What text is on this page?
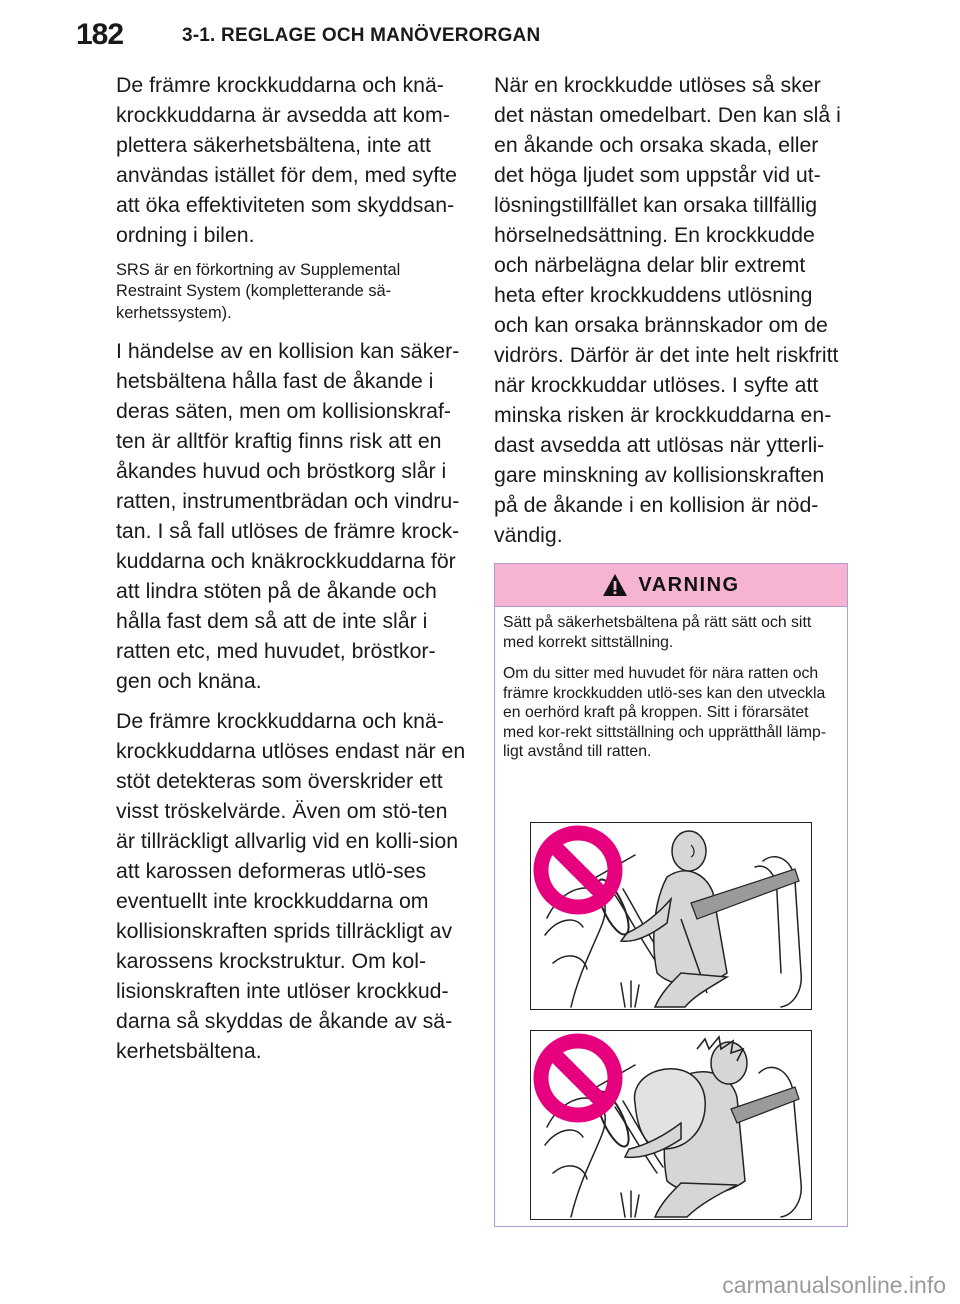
182	3-1. REGLAGE OCH MANÖVERORGAN

De främre krockkuddarna och knä-krockkuddarna är avsedda att kom-plettera säkerhetsbältena, inte att användas istället för dem, med syfte att öka effektiviteten som skyddsan-ordning i bilen.

SRS är en förkortning av Supplemental Restraint System (kompletterande sä-kerhetssystem).

I händelse av en kollision kan säker-hetsbältena hålla fast de åkande i deras säten, men om kollisionskraf-ten är alltför kraftig finns risk att en åkandes huvud och bröstkorg slår i ratten, instrumentbrädan och vindru-tan. I så fall utlöses de främre krock-kuddarna och knäkrockkuddarna för att lindra stöten på de åkande och hålla fast dem så att de inte slår i ratten etc, med huvudet, bröstkor-gen och knäna.

De främre krockkuddarna och knä-krockkuddarna utlöses endast när en stöt detekteras som överskrider ett visst tröskelvärde. Även om stö-ten är tillräckligt allvarlig vid en kolli-sion att karossen deformeras utlö-ses eventuellt inte krockkuddarna om kollisionskraften sprids tillräckligt av karossens krockstruktur. Om kol-lisionskraften inte utlöser krockkud-darna så skyddas de åkande av sä-kerhetsbältena.

När en krockkudde utlöses så sker det nästan omedelbart. Den kan slå i en åkande och orsaka skada, eller det höga ljudet som uppstår vid ut-lösningstillfället kan orsaka tillfällig hörselnedsättning. En krockkudde och närbelägna delar blir extremt heta efter krockkuddens utlösning och kan orsaka brännskador om de vidrörs. Därför är det inte helt riskfritt när krockkuddar utlöses. I syfte att minska risken är krockkuddarna en-dast avsedda att utlösas när ytterli-gare minskning av kollisionskraften på de åkande i en kollision är nöd-vändig.

VARNING

Sätt på säkerhetsbältena på rätt sätt och sitt med korrekt sittställning.

Om du sitter med huvudet för nära ratten och främre krockkudden utlö-ses kan den utveckla en oerhörd kraft på kroppen. Sitt i förarsätet med kor-rekt sittställning och upprätthåll lämp-ligt avstånd till ratten.

carmanualsonline.info
